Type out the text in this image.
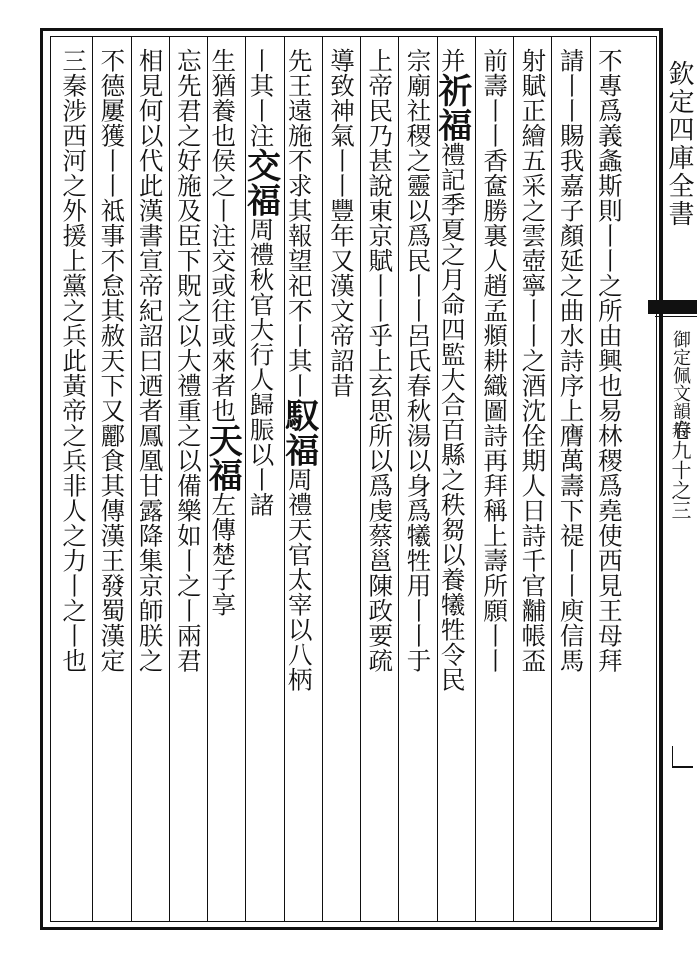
不專爲義螽斯則丨丨之所由興也易林稷爲堯使西見王母拜
請丨丨賜我嘉子顏延之曲水詩序上膺萬壽下禔丨丨庾信馬
射賦正繪五采之雲壺寧丨丨之酒沈佺期人日詩千官黼帳盃
前壽丨丨香奩勝裏人趙孟頫耕織圖詩再拜稱上壽所願丨丨
并祈福禮記季夏之月命四監大合百縣之秩芻以養犧牲令民
宗廟社稷之靈以爲民丨丨呂氏春秋湯以身爲犧牲用丨丨于
上帝民乃甚說東京賦丨丨乎上玄思所以爲虔蔡邕陳政要疏
導致神氣丨丨豐年又漢文帝詔昔
先王遠施不求其報望祀不丨其丨馭福周禮天官太宰以八柄
丨其丨注交福周禮秋官大行人歸脤以丨諸
生猶養也侯之丨注交或往或來者也天福左傳楚子享
忘先君之好施及臣下貺之以大禮重之以備樂如丨之丨兩君
相見何以代此漢書宣帝紀詔曰迺者鳳凰甘露降集京師朕之
不德屢獲丨丨祗事不怠其赦天下又酈食其傳漢王發蜀漢定	欽定四庫全書
御定佩文韻府
卷九十之三
三秦涉西河之外援上黨之兵此黃帝之兵非人之力丨之丨也
